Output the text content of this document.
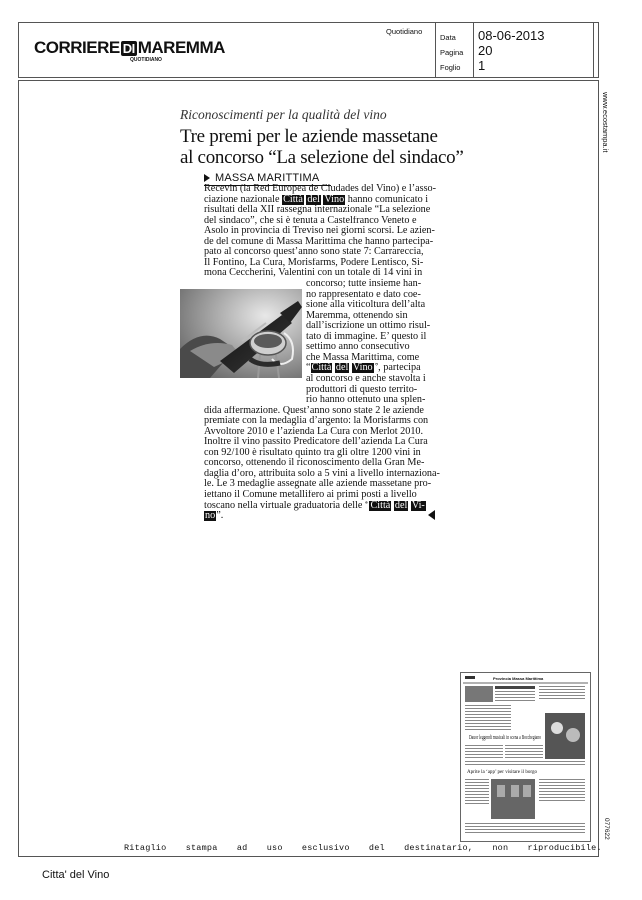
CORRIERE DI MAREMMA
QUOTIDIANO
Quotidiano
Data 08-06-2013
Pagina 20
Foglio 1
www.ecostampa.it
077622
Riconoscimenti per la qualità del vino
Tre premi per le aziende massetane
al concorso “La selezione del sindaco”
MASSA MARITTIMA
Recevin (la Red Europea de Ciudades del Vino) e l’asso-
ciazione nazionale Città del Vino hanno comunicato i
risultati della XII rassegna internazionale “La selezione
del sindaco”, che si è tenuta a Castelfranco Veneto e
Asolo in provincia di Treviso nei giorni scorsi. Le azien-
de del comune di Massa Marittima che hanno partecipa-
pato al concorso quest’anno sono state 7: Carrareccia,
Il Fontino, La Cura, Morisfarms, Podere Lentisco, Si-
mona Ceccherini, Valentini con un totale di 14 vini in
concorso; tutte insieme han-
no rappresentato e dato coe-
sione alla viticoltura dell’alta
Maremma, ottenendo sin
dall’iscrizione un ottimo risul-
tato di immagine. E’ questo il
settimo anno consecutivo
che Massa Marittima, come
“Città del Vino”, partecipa
al concorso e anche stavolta i
produttori di questo territo-
rio hanno ottenuto una splen-
dida affermazione. Quest’anno sono state 2 le aziende
premiate con la medaglia d’argento: la Morisfarms con
Avvoltore 2010 e l’azienda La Cura con Merlot 2010.
Inoltre il vino passito Predicatore dell’azienda La Cura
con 92/100 è risultato quinto tra gli oltre 1200 vini in
concorso, ottenendo il riconoscimento della Gran Me-
daglia d’oro, attribuita solo a 5 vini a livello internaziona-
le. Le 3 medaglie assegnate alle aziende massetane pro-
iettano il Comune metallifero ai primi posti a livello
toscano nella virtuale graduatoria delle “Città del Vi-
no”.
Provincia Massa Marittima
Dauor leggendi musicali in scena a Bocchegiano
Aprite la ‘app’ per visitare il borgo
Ritaglio stampa ad uso esclusivo del destinatario, non riproducibile.
Citta' del Vino
